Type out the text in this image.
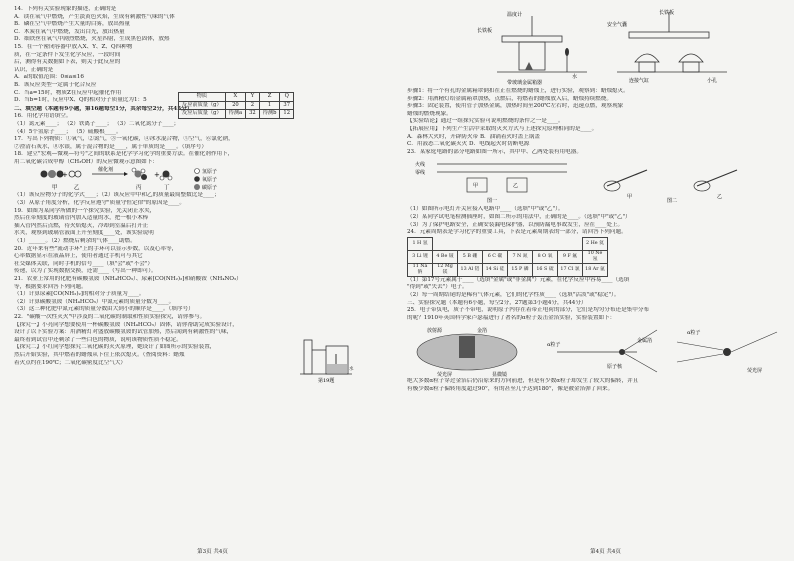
14．下列有关实验现象的描述，正确的是
A．镁在氧气中燃烧，产生淡黄色火焰，生成有刺激性气味的气体
B．磷在空气中燃烧产生大量的白雾，放出热量
C．木炭在氧气中燃烧，发出白光，放出热量
D．细铁丝在氧气中剧烈燃烧，火星四射，生成黑色固体，放热
15．在一个密闭容器中放入X、Y、Z、Q四种物
质，在一定条件下发生化学反应，一段时间
后，测得有关数据如下表，则关于此反应的
认识，正确的是
A．a的取值范围：0≤a≤16
B．该反应类型一定属于化合反应
C．当a=15时，物质Z在反应中起催化作用
D．当b=1时，反应中X、Q的相对分子质量比为1：5
物质	X	Y	Z	Q
反应前质量（g）	20	2	1	37
反应后质量（g）	待测a	32	待测b	12
二、填空题（本题有9小题，第16题每空1分，其余每空2分，共45分）
16．用化学用语填空。
（1）氮元素____； （2）铁离子____； （3）二氧化氮分子____；
（4）5个氢原子____； （5）硫酸根____。
17．写出下列物质：①氧气，②氮气，③一氧化碳，④冰水混合物，⑤空气，⑥氯化钠，
⑦澄清石灰水，⑧水银，属于混合物的是____，属于单质的是____。（填序号）
18．建立"宏观—微观—符号"之间的联系是化学学习化学的重要方法。在催化剂作用下，
用二氧化碳合成甲醇（CH₃OH）的反应微观示意图如下：
+
催化剂
+
甲	乙	丙	丁
氢原子
氧原子
碳原子
（1）该反应物分子的化学式____；（2）该反应中甲和乙的质量最简整数比是____；
（3）从原子角度分析，化学反应遵守"质量守恒定律"的原因是____。
19．如图为某同学所做的一个探究实验，先关闭止水夹，
然后在带刻度的玻璃管内加入适量的水，把一根小木棒
插入管内然后点燃，待火焰熄灭，冷却到室温后打开止
水夹，观察到玻璃管液面上升至刻度____处，该实验说明
（1）______。（2）燃烧后剩余的气体____助燃。
20．近年来有些"流动手环"上的手环可以显示步数，以及心率等，
心率数据显示在液晶屏上，使用者通过手机可与其它
社交媒体关联，同时手机的信号____（填"会"或"不会"）
传递，以为了实现数据交换，还需____（写出一种即可）。
21．农业上常用的化肥有碳酸氢铵（NH₄HCO₃）、尿素[CO(NH₂)₂]和硝酸铵（NH₄NO₃）
等，根据要求回答下列问题。
（1）计算尿素[CO(NH₂)₂]的相对分子质量为____。
（2）计算碳酸氢铵（NH₄HCO₃）中氮元素的质量分数为____。
（3）这三种化肥中氮元素的质量分数由大到小的顺序是____。（填序号）
22．"碳酸一次性灭火"中涉及的二氧化碳的制取和性质实验探究，请你参与。
【探究一】小亮同学想要使用一杯碳酸氢铵（NH₄HCO₃）固体，请你帮助完成实验设计，
设计了以下实验方案：用酒精灯对盛放碳酸氢铵的试管加热，然后闻到有刺激性的气味，
最终看到试管中还剩余了一些白色的物质，说明该物质性质不稳定。
【探究二】小红同学想探究二氧化碳的灭火原理，她设计了如图所示的实验装置，
然后开始实验，其中燃着的蜡烛从下往上依次熄灭。（查阅资料：蜡烛
着火点约在190℃；二氧化碳密度比空气大）
第19题
水
第3页 共4页
温度计
长铁板
带玻璃金属箱器
水
长铁板
安全气囊
连接气缸	小孔
步骤1：将一个有孔的金属箱罩倒扣在正在燃烧的蜡烛上，进行实验，观察到：蜡烛熄灭。
步骤2：用酒精灯给金属箱罩加热，点燃后，将燃着的蜡烛放入后，蜡烛持续燃烧。
步骤3：固定装置，使用管子加热金属，加热时间至200℃左右时，迅速点燃，观察现象
蜡烛的燃烧现象。
【实验结论】通过一组探究实验可说明燃烧的条件之一是____。
【拓展应用】下列生产生活中采取的灭火方式与上述探究原理相同的是____。
A．森林大火时，开辟防火带 B．油锅着火时盖上锅盖
C．用液态二氧化碳灭火 D．电线起火时切断电源
23．某家庭电路的部分电路如图一所示，其中甲、乙两处装有用电器。
火线
零线
甲	乙
图一	图二
甲	乙
（1）如图所示电灯开关应接入电路中____（选填"甲"或"乙"）。
（2）某同学试电笔检测插座时，如图二所示的用法中，正确的是____。（选填"甲"或"乙"）
（3）为了保护电路安全，正确安装漏电保护器，以预防漏电事故发生，应在____处上。
24．元素周期表是学习化学的重要工具，下表是元素周期表的一部分，请回答下列问题。
1 H 氢							2 He 氦
3 Li 锂	4 Be 铍	5 B 硼	6 C 碳	7 N 氮	8 O 氧	9 F 氟	10 Ne 氖
11 Na 钠	12 Mg 镁	13 Al 铝	14 Si 硅	15 P 磷	16 S 硫	17 Cl 氯	18 Ar 氩
（1）第17号元素属于____（选填"金属"或"非金属"）元素，在化学反应中容易____（选填
"得到"或"失去"）电子。
（2）每一周期结尾的是稀有气体元素，它们的化学性质____（选填"活泼"或"稳定"）。
三、实验探究题（本题有6小题，每空2分，27题第3小题4分，共44分）
25．电子带负电，质子不带电，说明原子内存在着带正电荷的部分，它们是均匀分布还是集中分布
的呢？1910年英国科学家卢瑟福进行了著名的α粒子轰击金箔实验，实验装置如下：
放射源	金箔
荧光屏	显微镜
α粒子
原子核
金属箔
荧光屏
α粒子
绝大多数α粒子穿过金箔后仍沿原来的方向前进，但是有少数α粒子却发生了较大的偏转，并且
有极少数α粒子偏转角度超过90°，有的甚至几乎达到180°，像是被金箔弹了回来。
第4页 共4页
